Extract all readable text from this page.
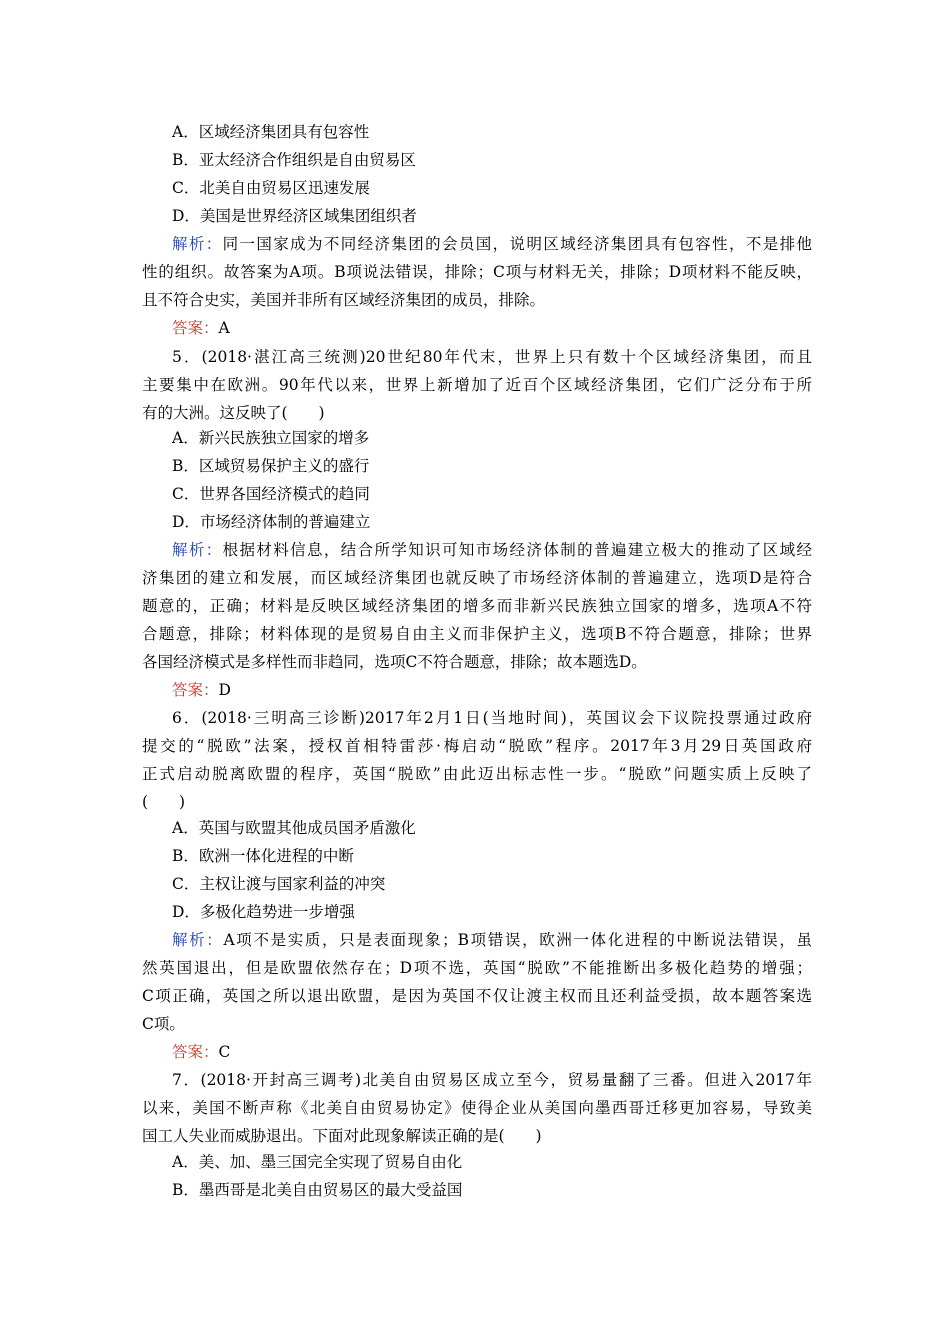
A．区域经济集团具有包容性
B．亚太经济合作组织是自由贸易区
C．北美自由贸易区迅速发展
D．美国是世界经济区域集团组织者
解析：同一国家成为不同经济集团的会员国，说明区域经济集团具有包容性，不是排他
性的组织。故答案为A项。B项说法错误，排除；C项与材料无关，排除；D项材料不能反映，
且不符合史实，美国并非所有区域经济集团的成员，排除。
答案：A
5．(2018·湛江高三统测)20世纪80年代末，世界上只有数十个区域经济集团，而且
主要集中在欧洲。90年代以来，世界上新增加了近百个区域经济集团，它们广泛分布于所
有的大洲。这反映了(　　)
A．新兴民族独立国家的增多
B．区域贸易保护主义的盛行
C．世界各国经济模式的趋同
D．市场经济体制的普遍建立
解析：根据材料信息，结合所学知识可知市场经济体制的普遍建立极大的推动了区域经
济集团的建立和发展，而区域经济集团也就反映了市场经济体制的普遍建立，选项D是符合
题意的，正确；材料是反映区域经济集团的增多而非新兴民族独立国家的增多，选项A不符
合题意，排除；材料体现的是贸易自由主义而非保护主义，选项B不符合题意，排除；世界
各国经济模式是多样性而非趋同，选项C不符合题意，排除；故本题选D。
答案：D
6．(2018·三明高三诊断)2017年2月1日(当地时间)，英国议会下议院投票通过政府
提交的“脱欧”法案，授权首相特雷莎·梅启动“脱欧”程序。2017年3月29日英国政府
正式启动脱离欧盟的程序，英国“脱欧”由此迈出标志性一步。“脱欧”问题实质上反映了
(　　)
A．英国与欧盟其他成员国矛盾激化
B．欧洲一体化进程的中断
C．主权让渡与国家利益的冲突
D．多极化趋势进一步增强
解析：A项不是实质，只是表面现象；B项错误，欧洲一体化进程的中断说法错误，虽
然英国退出，但是欧盟依然存在；D项不选，英国“脱欧”不能推断出多极化趋势的增强；
C项正确，英国之所以退出欧盟，是因为英国不仅让渡主权而且还利益受损，故本题答案选
C项。
答案：C
7．(2018·开封高三调考)北美自由贸易区成立至今，贸易量翻了三番。但进入2017年
以来，美国不断声称《北美自由贸易协定》使得企业从美国向墨西哥迁移更加容易，导致美
国工人失业而威胁退出。下面对此现象解读正确的是(　　)
A．美、加、墨三国完全实现了贸易自由化
B．墨西哥是北美自由贸易区的最大受益国
